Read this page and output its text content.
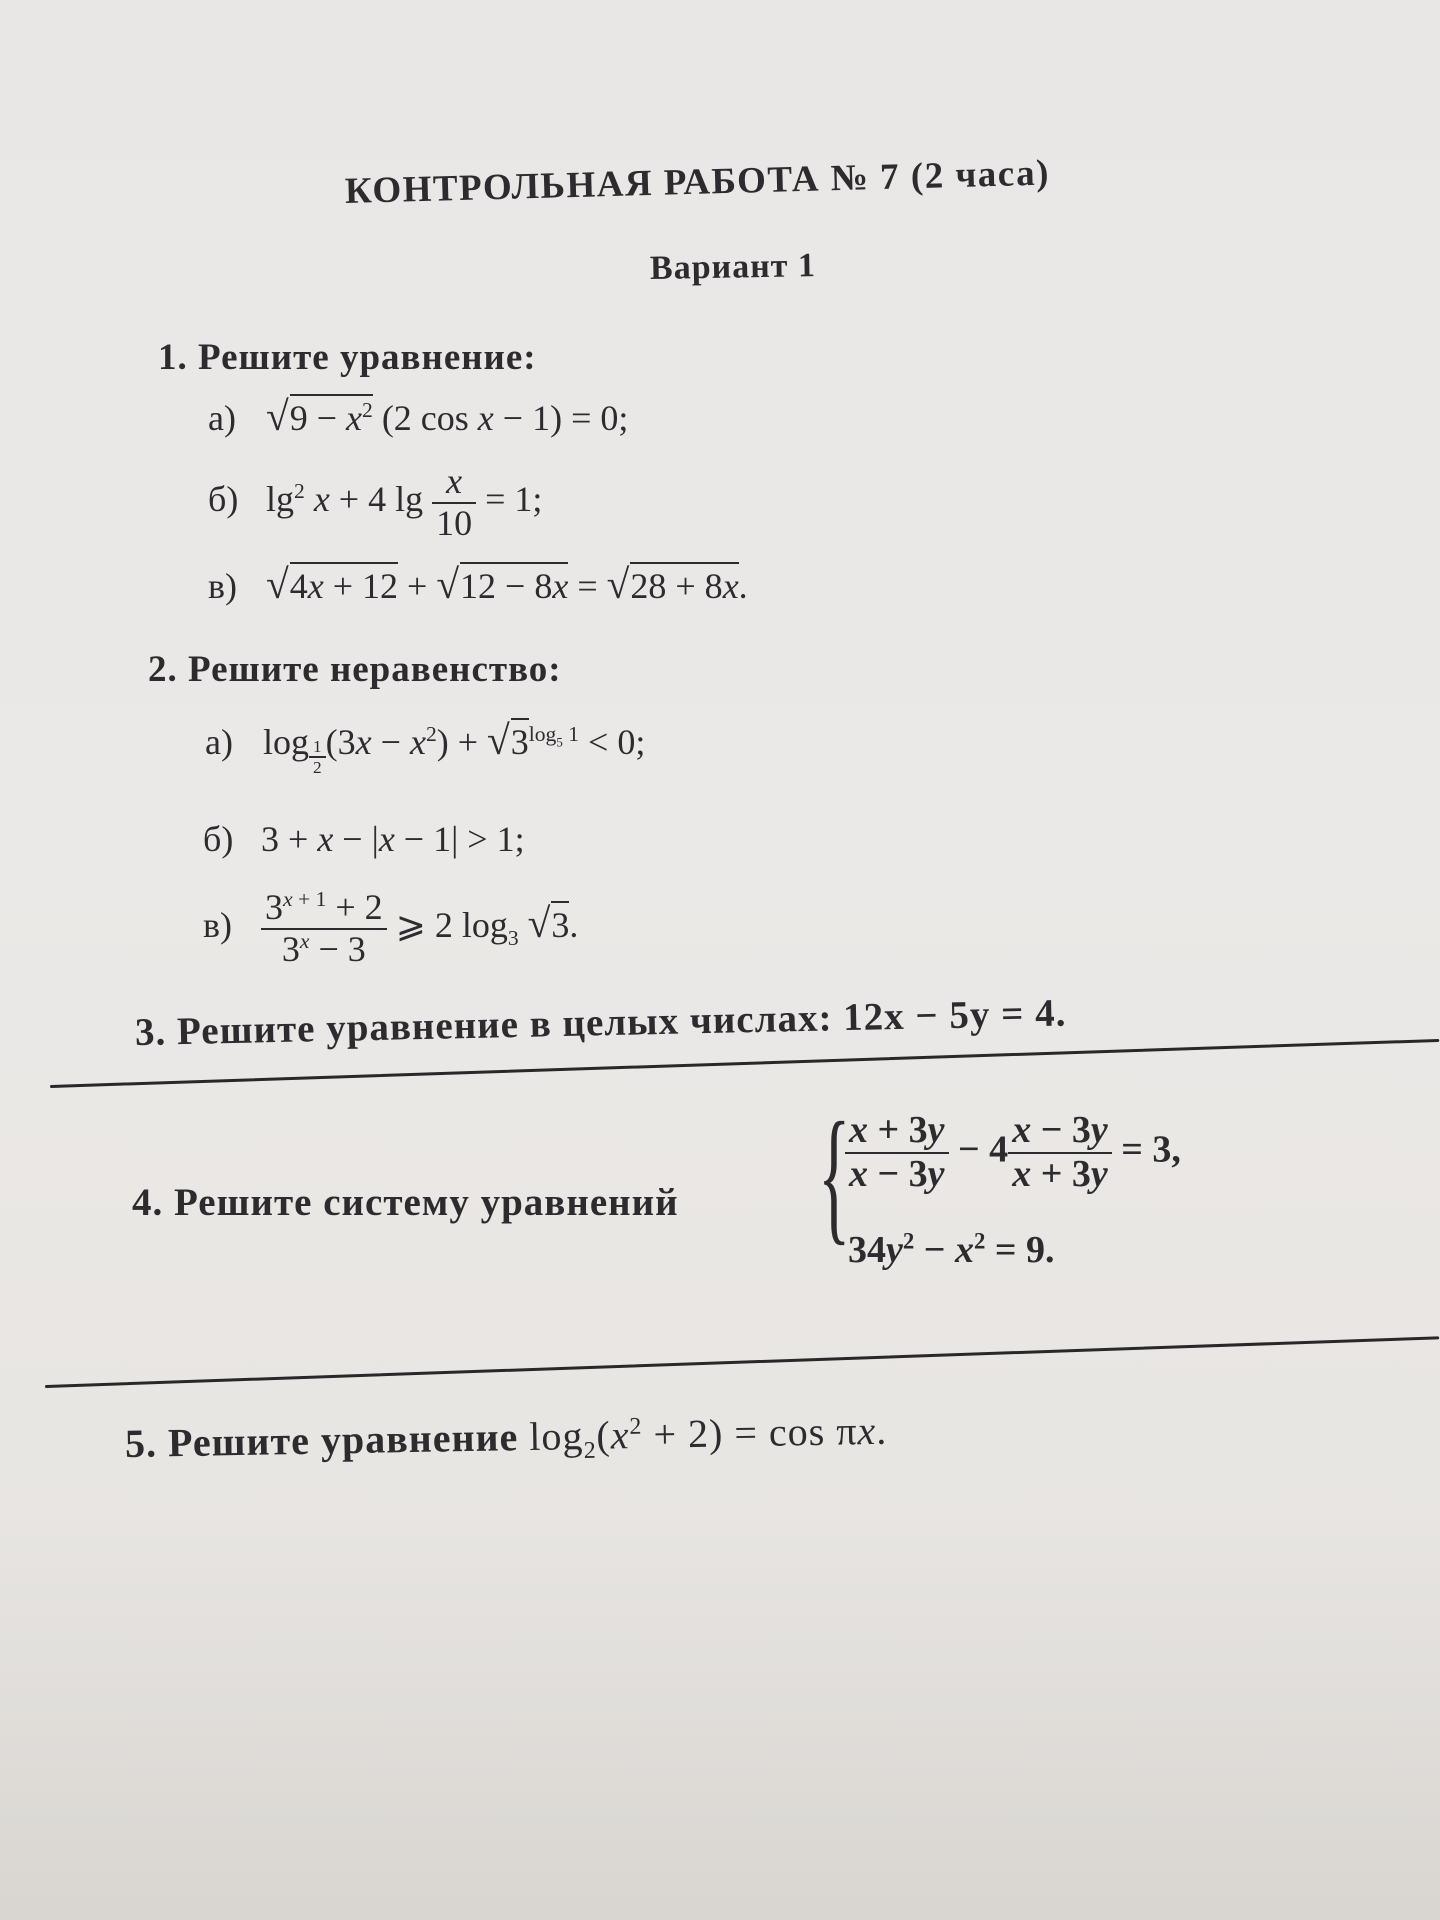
КОНТРОЛЬНАЯ РАБОТА № 7 (2 часа)
Вариант 1
1. Решите уравнение:
а) $√9 - x^2$ (2 cos x − 1) = 0;
б) $\lg^2 x + 4$ $\lg \frac{x}{10} = 1$;
в) √4x + 12 + √12 − 8x = √28 + 8x.
2. Решите неравенство:
а) log $_{\frac{1}{2}}$ $(3x - x^2) + √3^{log_5 1} < 0$;
б) 3 + x − |x − 1| > 1;
$в) \frac{3^{x + 1} + 2}{3^x - 3}$ ⩾ 2 $\log_3 √3$.
3. Решите уравнение в целых числах: 12x − 5y = 4.
4. Решите систему уравнений {
$\frac{x + 3y}{x - 3y} - 4 \frac{x - 3y}{x + 3y} = 3$,
$34y^2 - x^2 = 9$.
5. Решите уравнение $\log_2(x^2 + 2) = \cos \pi x$.
